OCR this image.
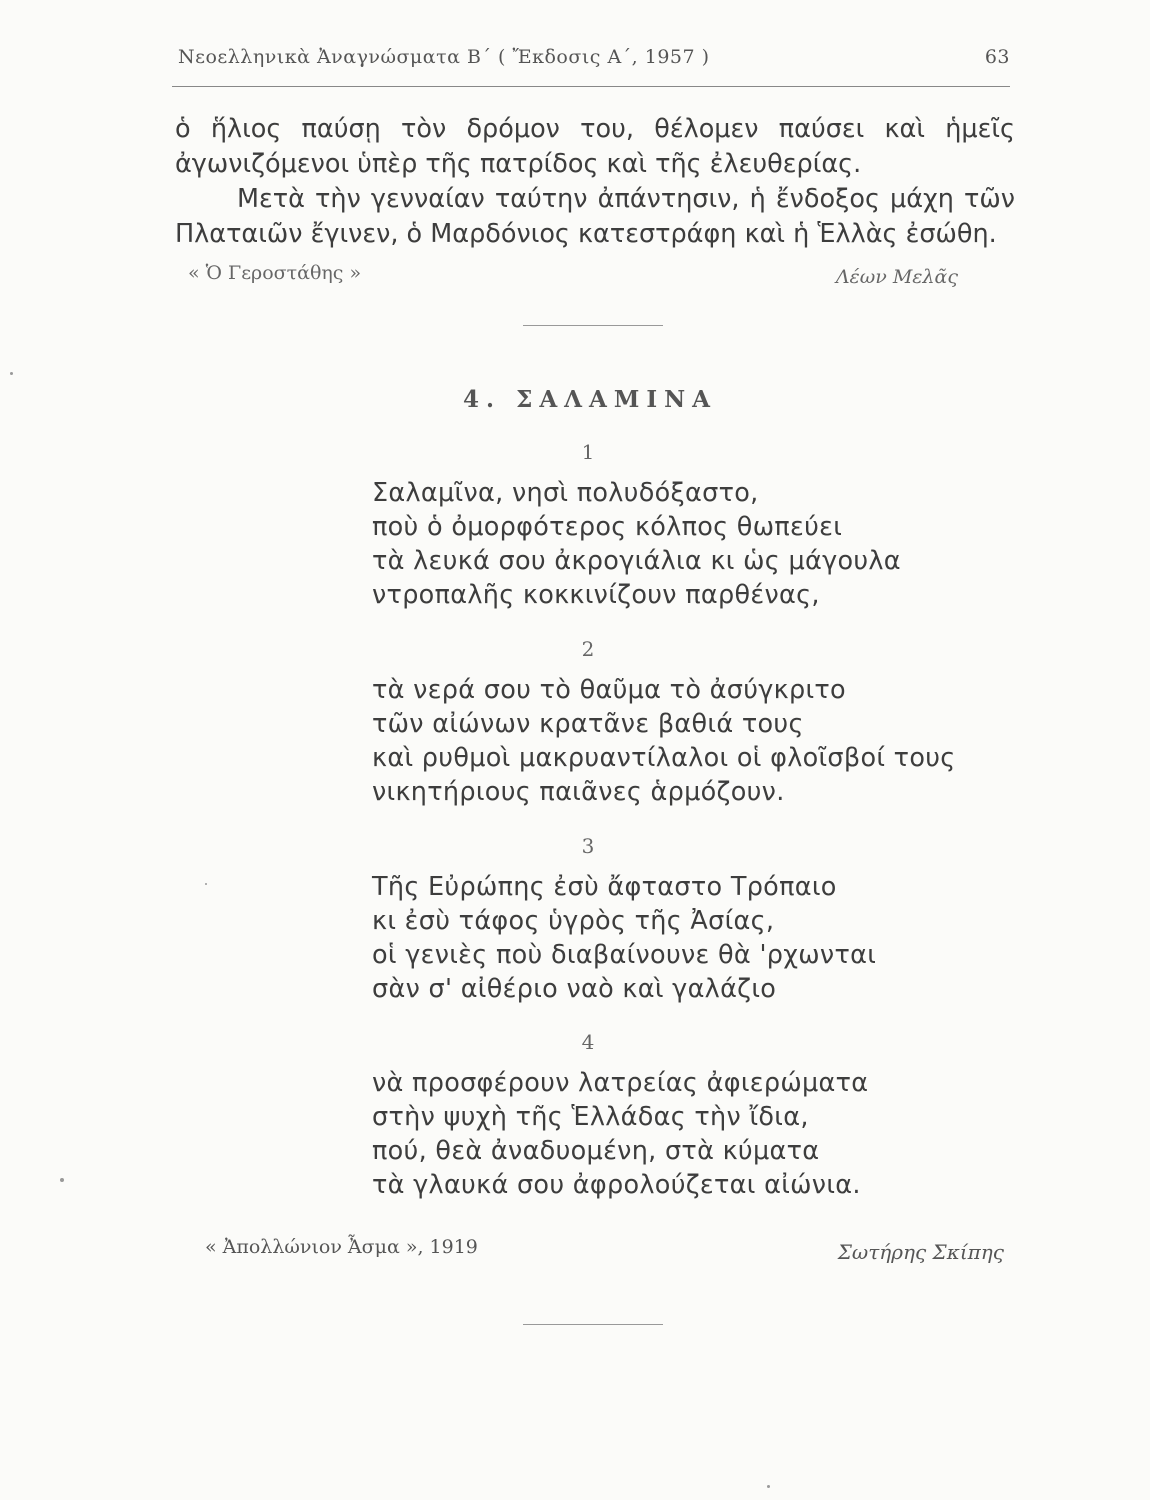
Νεοελληνικὰ Ἀναγνώσματα Β΄ ( Ἔκδοσις Α΄, 1957 )	63

ὁ ἥλιος παύσῃ τὸν δρόμον του, θέλομεν παύσει καὶ ἡμεῖς ἀγωνιζόμενοι ὑπὲρ τῆς πατρίδος καὶ τῆς ἐλευθερίας.

Μετὰ τὴν γενναίαν ταύτην ἀπάντησιν, ἡ ἔνδοξος μάχη τῶν Πλαταιῶν ἔγινεν, ὁ Μαρδόνιος κατεστράφη καὶ ἡ Ἑλλὰς ἐσώθη.

« Ὁ Γεροστάθης »	Λέων Μελᾶς
4. ΣΑΛΑΜΙΝΑ
1
Σαλαμῖνα, νησὶ πολυδόξαστο,
ποὺ ὁ ὀμορφότερος κόλπος θωπεύει
τὰ λευκά σου ἀκρογιάλια κι ὡς μάγουλα
ντροπαλῆς κοκκινίζουν παρθένας,
2
τὰ νερά σου τὸ θαῦμα τὸ ἀσύγκριτο
τῶν αἰώνων κρατᾶνε βαθιά τους
καὶ ρυθμοὶ μακρυαντίλαλοι οἱ φλοῖσβοί τους
νικητήριους παιᾶνες ἁρμόζουν.
3
Τῆς Εὐρώπης ἐσὺ ἄφταστο Τρόπαιο
κι ἐσὺ τάφος ὑγρὸς τῆς Ἀσίας,
οἱ γενιὲς ποὺ διαβαίνουνε θὰ 'ρχωνται
σὰν σ' αἰθέριο ναὸ καὶ γαλάζιο
4
νὰ προσφέρουν λατρείας ἀφιερώματα
στὴν ψυχὴ τῆς Ἑλλάδας τὴν ἴδια,
πού, θεὰ ἀναδυομένη, στὰ κύματα
τὰ γλαυκά σου ἀφρολούζεται αἰώνια.
« Ἀπολλώνιον Ἆσμα », 1919	Σωτήρης Σκίπης
